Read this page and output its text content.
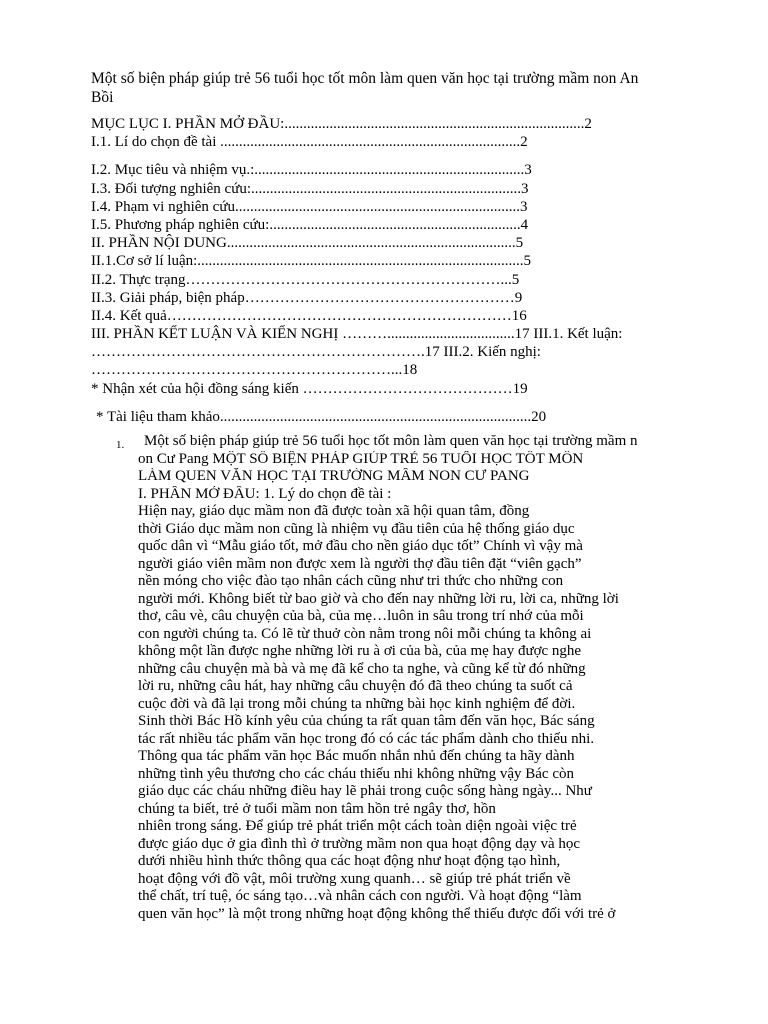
Một số biện pháp giúp trẻ 56 tuổi học tốt môn làm quen văn học tại trường mầm non An
Bồi
MỤC LỤC I. PHẦN MỞ ĐẦU:................................................................................2
I.1. Lí do chọn đề tài ................................................................................2
I.2. Mục tiêu và nhiệm vụ.:........................................................................3
I.3. Đối tượng nghiên cứu:........................................................................3
I.4. Phạm vi nghiên cứu............................................................................3
I.5. Phương pháp nghiên cứu:...................................................................4
II. PHẦN NỘI DUNG.............................................................................5
II.1.Cơ sở lí luận:.......................................................................................5
II.2. Thực trạng………………………………………………………...5
II.3. Giải pháp, biện pháp………………………………………………9
II.4. Kết quả……………………………………………………………16
III. PHẦN KẾT LUẬN VÀ KIẾN NGHỊ ………..................................17 III.1. Kết luận:
………………………………………………………….17 III.2. Kiến nghị:
……………………………………………………...18
* Nhận xét của hội đồng sáng kiến ……………………………………19
* Tài liệu tham khảo...................................................................................20
1.	Một số biện pháp giúp trẻ 56 tuổi học tốt môn làm quen văn học tại trường mầm n
on Cư Pang MỘT SỐ BIỆN PHÁP GIÚP TRẺ 56 TUỔI HỌC TỐT MÔN
LÀM QUEN VĂN HỌC TẠI TRƯỜNG MẦM NON CƯ PANG
I. PHẦN MỞ ĐẦU: 1. Lý do chọn đề tài :
Hiện nay, giáo dục mầm non đã được toàn xã hội quan tâm, đồng
thời Giáo dục mầm non cũng là nhiệm vụ đầu tiên của hệ thống giáo dục
quốc dân vì “Mẫu giáo tốt, mở đầu cho nền giáo dục tốt” Chính vì vậy mà
người giáo viên mầm non được xem là người thợ đầu tiên đặt “viên gạch”
nền móng cho việc đào tạo nhân cách cũng như tri thức cho những con
người mới. Không biết từ bao giờ và cho đến nay những lời ru, lời ca, những lời
thơ, câu vè, câu chuyện của bà, của mẹ…luôn in sâu trong trí nhớ của mỗi
con người chúng ta. Có lẽ từ thuở còn nằm trong nôi mỗi chúng ta không ai
không một lần được nghe những lời ru à ơi của bà, của mẹ hay được nghe
những câu chuyện mà bà và mẹ đã kể cho ta nghe, và cũng kể từ đó những
lời ru, những câu hát, hay những câu chuyện đó đã theo chúng ta suốt cả
cuộc đời và đã lại trong mỗi chúng ta những bài học kinh nghiệm để đời.
Sinh thời Bác Hồ kính yêu của chúng ta rất quan tâm đến văn học, Bác sáng
tác rất nhiều tác phẩm văn học trong đó có các tác phẩm dành cho thiếu nhi.
Thông qua tác phẩm văn học Bác muốn nhắn nhủ đến chúng ta hãy dành
những tình yêu thương cho các cháu thiếu nhi không những vậy Bác còn
giáo dục các cháu những điều hay lẽ phải trong cuộc sống hàng ngày... Như
chúng ta biết, trẻ ở tuổi mầm non tâm hồn trẻ ngây thơ, hồn
nhiên trong sáng. Để giúp trẻ phát triển một cách toàn diện ngoài việc trẻ
được giáo dục ở gia đình thì ở trường mầm non qua hoạt động dạy và học
dưới nhiều hình thức thông qua các hoạt động như hoạt động tạo hình,
hoạt động với đồ vật, môi trường xung quanh… sẽ giúp trẻ phát triển về
thể chất, trí tuệ, óc sáng tạo…và nhân cách con người. Và hoạt động “làm
quen văn học” là một trong những hoạt động không thể thiếu được đối với trẻ ở
